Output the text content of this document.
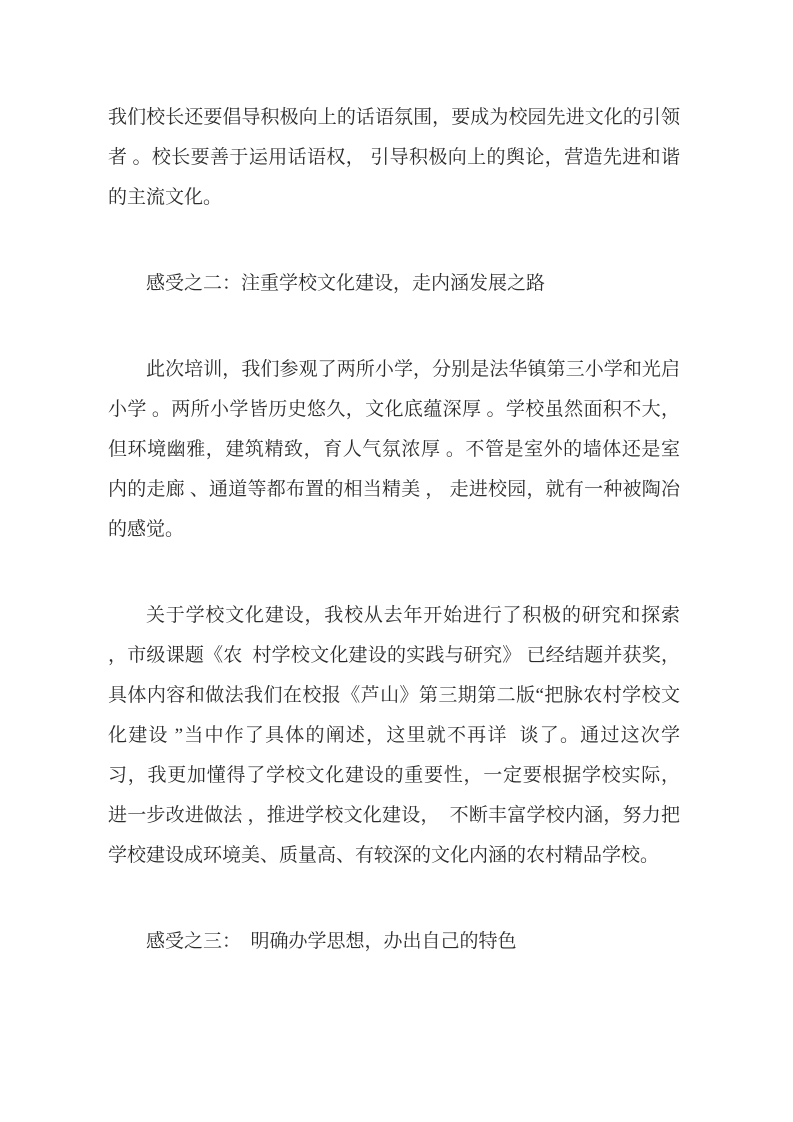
我们校长还要倡导积极向上的话语氛围，要成为校园先进文化的引领者 。校长要善于运用话语权， 引导积极向上的舆论，营造先进和谐的主流文化。

感受之二：注重学校文化建设，走内涵发展之路

此次培训，我们参观了两所小学，分别是法华镇第三小学和光启小学 。两所小学皆历史悠久，文化底蕴深厚 。学校虽然面积不大，但环境幽雅，建筑精致，育人气氛浓厚 。不管是室外的墙体还是室内的走廊 、通道等都布置的相当精美 ， 走进校园，就有一种被陶冶的感觉。

关于学校文化建设，我校从去年开始进行了积极的研究和探索 ，市级课题《农  村学校文化建设的实践与研究》 已经结题并获奖，具体内容和做法我们在校报《芦山》第三期第二版“把脉农村学校文化建设 ”当中作了具体的阐述，这里就不再详  谈了。通过这次学习，我更加懂得了学校文化建设的重要性，一定要根据学校实际， 进一步改进做法 ，推进学校文化建设，  不断丰富学校内涵，努力把学校建设成环境美、质量高、有较深的文化内涵的农村精品学校。

感受之三：  明确办学思想，办出自己的特色
